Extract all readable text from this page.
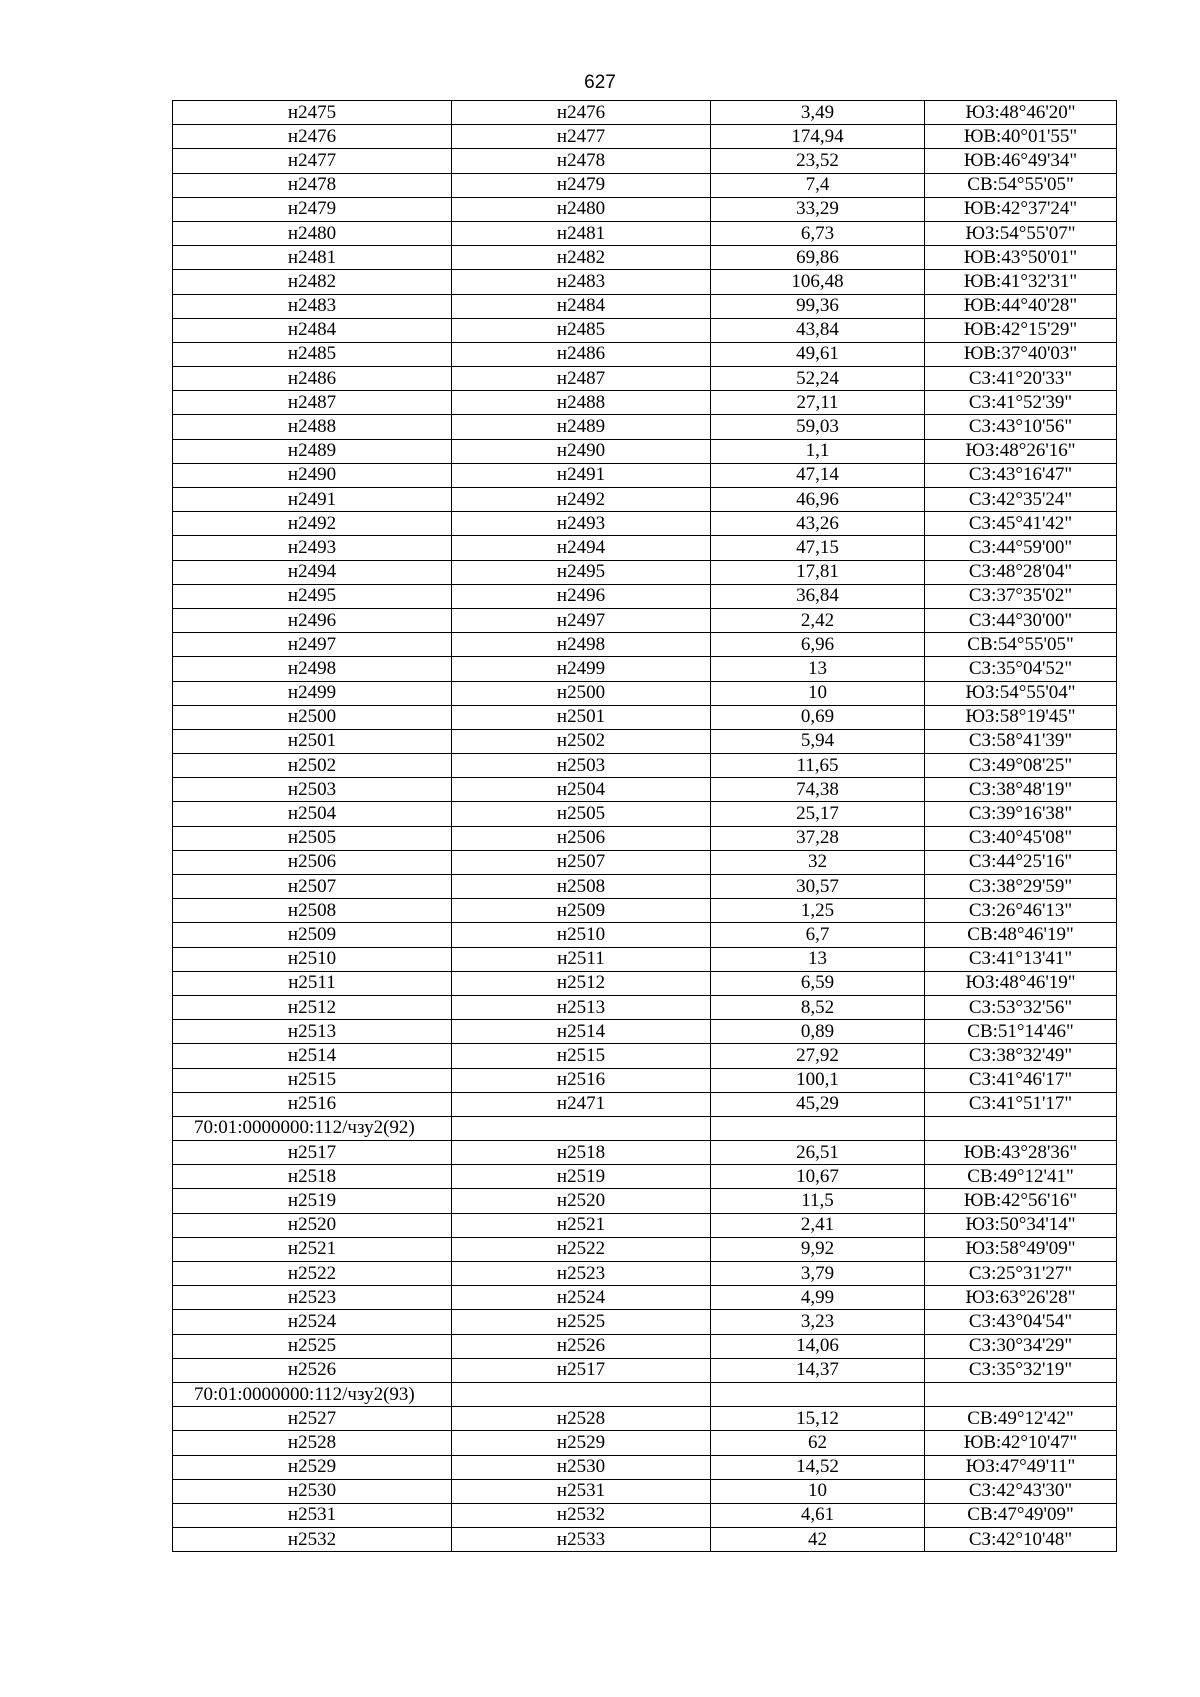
627
н2475	н2476	3,49	ЮЗ:48°46'20"
н2476	н2477	174,94	ЮВ:40°01'55"
н2477	н2478	23,52	ЮВ:46°49'34"
н2478	н2479	7,4	СВ:54°55'05"
н2479	н2480	33,29	ЮВ:42°37'24"
н2480	н2481	6,73	ЮЗ:54°55'07"
н2481	н2482	69,86	ЮВ:43°50'01"
н2482	н2483	106,48	ЮВ:41°32'31"
н2483	н2484	99,36	ЮВ:44°40'28"
н2484	н2485	43,84	ЮВ:42°15'29"
н2485	н2486	49,61	ЮВ:37°40'03"
н2486	н2487	52,24	СЗ:41°20'33"
н2487	н2488	27,11	СЗ:41°52'39"
н2488	н2489	59,03	СЗ:43°10'56"
н2489	н2490	1,1	ЮЗ:48°26'16"
н2490	н2491	47,14	СЗ:43°16'47"
н2491	н2492	46,96	СЗ:42°35'24"
н2492	н2493	43,26	СЗ:45°41'42"
н2493	н2494	47,15	СЗ:44°59'00"
н2494	н2495	17,81	СЗ:48°28'04"
н2495	н2496	36,84	СЗ:37°35'02"
н2496	н2497	2,42	СЗ:44°30'00"
н2497	н2498	6,96	СВ:54°55'05"
н2498	н2499	13	СЗ:35°04'52"
н2499	н2500	10	ЮЗ:54°55'04"
н2500	н2501	0,69	ЮЗ:58°19'45"
н2501	н2502	5,94	СЗ:58°41'39"
н2502	н2503	11,65	СЗ:49°08'25"
н2503	н2504	74,38	СЗ:38°48'19"
н2504	н2505	25,17	СЗ:39°16'38"
н2505	н2506	37,28	СЗ:40°45'08"
н2506	н2507	32	СЗ:44°25'16"
н2507	н2508	30,57	СЗ:38°29'59"
н2508	н2509	1,25	СЗ:26°46'13"
н2509	н2510	6,7	СВ:48°46'19"
н2510	н2511	13	СЗ:41°13'41"
н2511	н2512	6,59	ЮЗ:48°46'19"
н2512	н2513	8,52	СЗ:53°32'56"
н2513	н2514	0,89	СВ:51°14'46"
н2514	н2515	27,92	СЗ:38°32'49"
н2515	н2516	100,1	СЗ:41°46'17"
н2516	н2471	45,29	СЗ:41°51'17"
70:01:0000000:112/чзу2(92)			
н2517	н2518	26,51	ЮВ:43°28'36"
н2518	н2519	10,67	СВ:49°12'41"
н2519	н2520	11,5	ЮВ:42°56'16"
н2520	н2521	2,41	ЮЗ:50°34'14"
н2521	н2522	9,92	ЮЗ:58°49'09"
н2522	н2523	3,79	СЗ:25°31'27"
н2523	н2524	4,99	ЮЗ:63°26'28"
н2524	н2525	3,23	СЗ:43°04'54"
н2525	н2526	14,06	СЗ:30°34'29"
н2526	н2517	14,37	СЗ:35°32'19"
70:01:0000000:112/чзу2(93)			
н2527	н2528	15,12	СВ:49°12'42"
н2528	н2529	62	ЮВ:42°10'47"
н2529	н2530	14,52	ЮЗ:47°49'11"
н2530	н2531	10	СЗ:42°43'30"
н2531	н2532	4,61	СВ:47°49'09"
н2532	н2533	42	СЗ:42°10'48"
